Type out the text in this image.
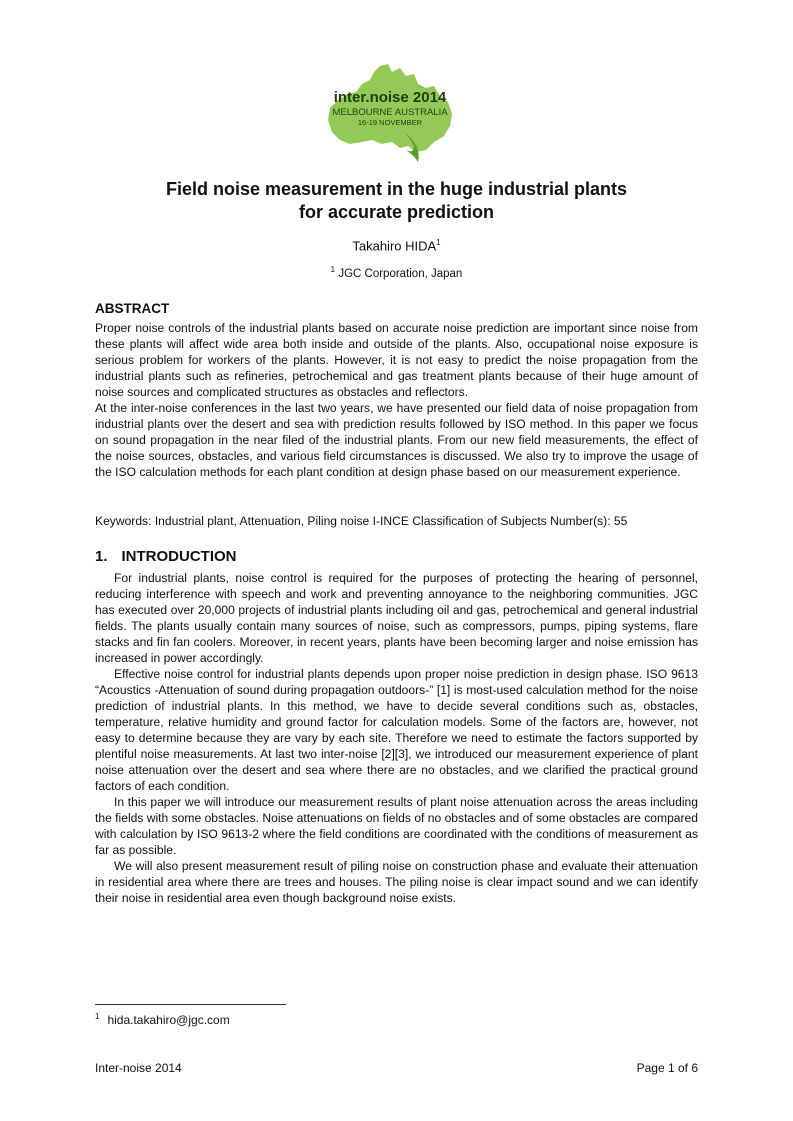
inter.noise 2014
MELBOURNE AUSTRALIA
16-19 NOVEMBER
Field noise measurement in the huge industrial plants
for accurate prediction
Takahiro HIDA$^1$
$^1$ JGC Corporation, Japan
ABSTRACT

Proper noise controls of the industrial plants based on accurate noise prediction are important since noise from these plants will affect wide area both inside and outside of the plants. Also, occupational noise exposure is serious problem for workers of the plants. However, it is not easy to predict the noise propagation from the industrial plants such as refineries, petrochemical and gas treatment plants because of their huge amount of noise sources and complicated structures as obstacles and reflectors.

At the inter-noise conferences in the last two years, we have presented our field data of noise propagation from industrial plants over the desert and sea with prediction results followed by ISO method. In this paper we focus on sound propagation in the near filed of the industrial plants. From our new field measurements, the effect of the noise sources, obstacles, and various field circumstances is discussed. We also try to improve the usage of the ISO calculation methods for each plant condition at design phase based on our measurement experience.

Keywords: Industrial plant, Attenuation, Piling noise I-INCE Classification of Subjects Number(s): 55
1. INTRODUCTION

For industrial plants, noise control is required for the purposes of protecting the hearing of personnel, reducing interference with speech and work and preventing annoyance to the neighboring communities. JGC has executed over 20,000 projects of industrial plants including oil and gas, petrochemical and general industrial fields. The plants usually contain many sources of noise, such as compressors, pumps, piping systems, flare stacks and fin fan coolers. Moreover, in recent years, plants have been becoming larger and noise emission has increased in power accordingly.

Effective noise control for industrial plants depends upon proper noise prediction in design phase. ISO 9613 “Acoustics -Attenuation of sound during propagation outdoors-” [1] is most-used calculation method for the noise prediction of industrial plants. In this method, we have to decide several conditions such as, obstacles, temperature, relative humidity and ground factor for calculation models. Some of the factors are, however, not easy to determine because they are vary by each site. Therefore we need to estimate the factors supported by plentiful noise measurements. At last two inter-noise [2][3], we introduced our measurement experience of plant noise attenuation over the desert and sea where there are no obstacles, and we clarified the practical ground factors of each condition.

In this paper we will introduce our measurement results of plant noise attenuation across the areas including the fields with some obstacles. Noise attenuations on fields of no obstacles and of some obstacles are compared with calculation by ISO 9613-2 where the field conditions are coordinated with the conditions of measurement as far as possible.

We will also present measurement result of piling noise on construction phase and evaluate their attenuation in residential area where there are trees and houses. The piling noise is clear impact sound and we can identify their noise in residential area even though background noise exists.

$^1$ hida.takahiro@jgc.com
Inter-noise 2014	Page 1 of 6
